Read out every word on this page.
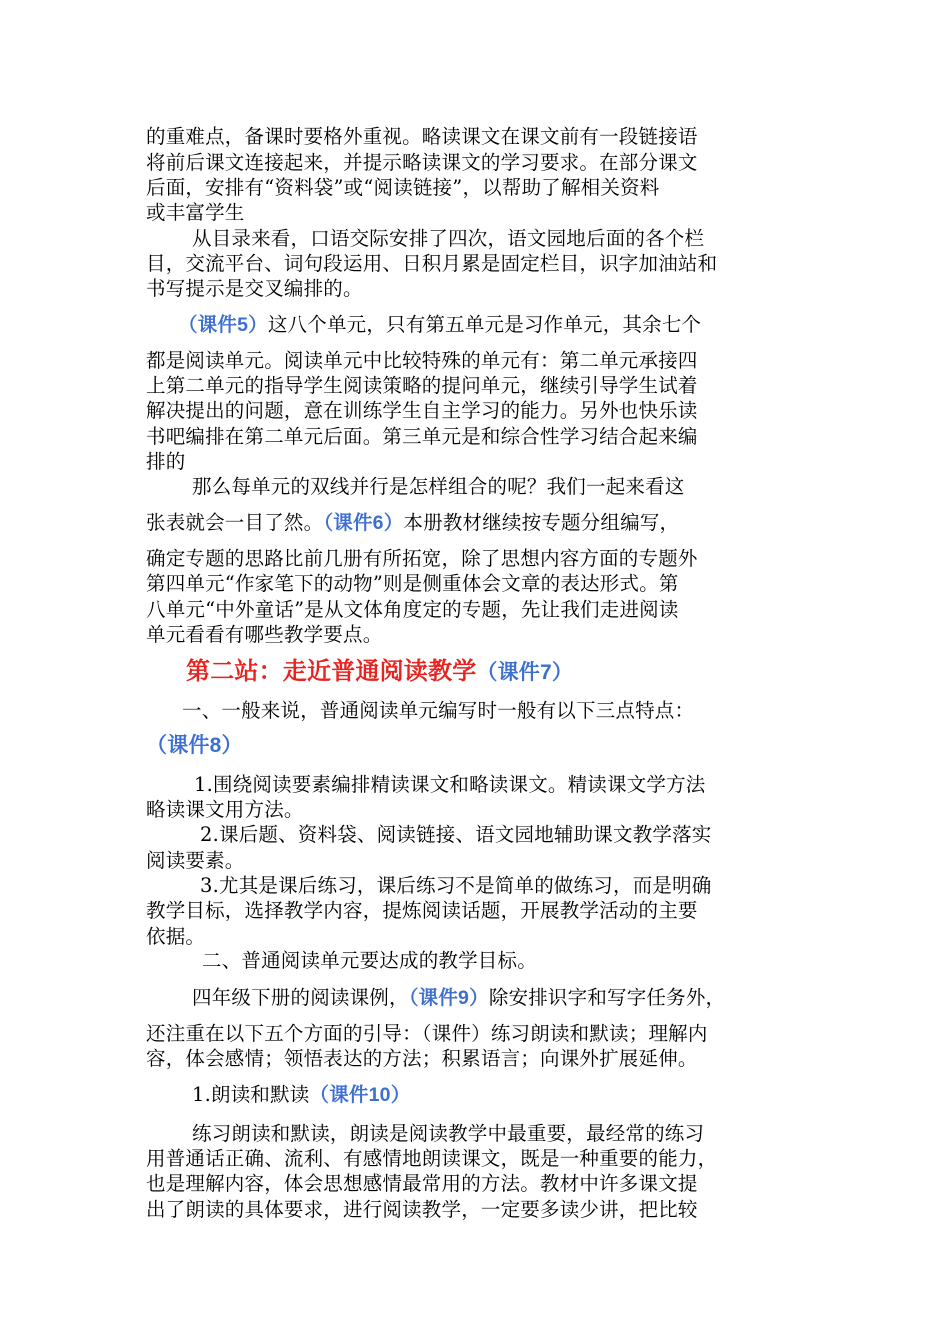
的重难点，备课时要格外重视。略读课文在课文前有一段链接语
将前后课文连接起来，并提示略读课文的学习要求。在部分课文
后面，安排有“资料袋”或“阅读链接”，以帮助了解相关资料
或丰富学生
从目录来看，口语交际安排了四次，语文园地后面的各个栏
目，交流平台、词句段运用、日积月累是固定栏目，识字加油站和
书写提示是交叉编排的。
（课件5）这八个单元，只有第五单元是习作单元，其余七个
都是阅读单元。阅读单元中比较特殊的单元有：第二单元承接四
上第二单元的指导学生阅读策略的提问单元，继续引导学生试着
解决提出的问题，意在训练学生自主学习的能力。另外也快乐读
书吧编排在第二单元后面。第三单元是和综合性学习结合起来编
排的
那么每单元的双线并行是怎样组合的呢？我们一起来看这
张表就会一目了然。（课件6）本册教材继续按专题分组编写，
确定专题的思路比前几册有所拓宽，除了思想内容方面的专题外
第四单元“作家笔下的动物”则是侧重体会文章的表达形式。第
八单元“中外童话”是从文体角度定的专题，先让我们走进阅读
单元看看有哪些教学要点。
第二站：走近普通阅读教学（课件7）
一、一般来说，普通阅读单元编写时一般有以下三点特点：
（课件8）
1.围绕阅读要素编排精读课文和略读课文。精读课文学方法
略读课文用方法。
2.课后题、资料袋、阅读链接、语文园地辅助课文教学落实
阅读要素。
3.尤其是课后练习，课后练习不是简单的做练习，而是明确
教学目标，选择教学内容，提炼阅读话题，开展教学活动的主要
依据。
二、普通阅读单元要达成的教学目标。
四年级下册的阅读课例，（课件9）除安排识字和写字任务外，
还注重在以下五个方面的引导：（课件）练习朗读和默读；理解内
容，体会感情；领悟表达的方法；积累语言；向课外扩展延伸。
1.朗读和默读（课件10）
练习朗读和默读，朗读是阅读教学中最重要，最经常的练习
用普通话正确、流利、有感情地朗读课文，既是一种重要的能力，
也是理解内容，体会思想感情最常用的方法。教材中许多课文提
出了朗读的具体要求，进行阅读教学，一定要多读少讲，把比较
